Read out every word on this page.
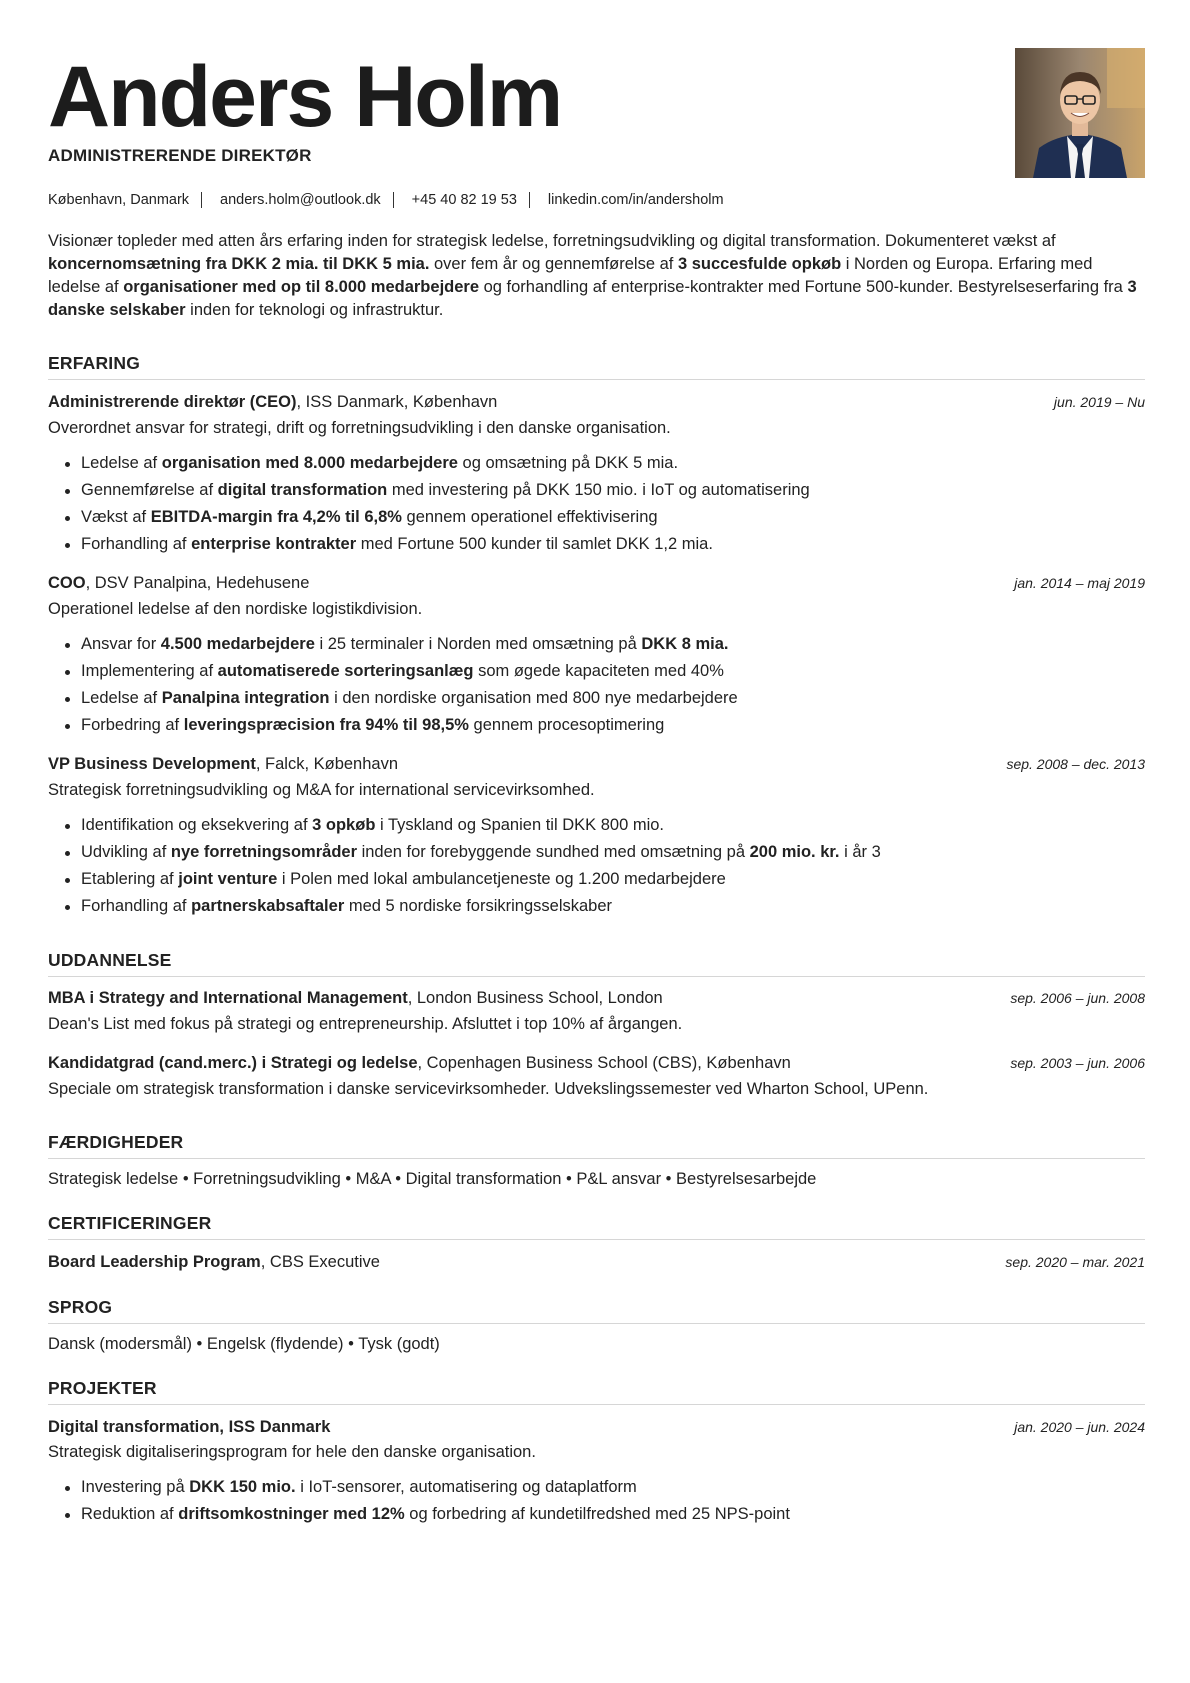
Anders Holm
ADMINISTRERENDE DIREKTØR
København, Danmark anders.holm@outlook.dk +45 40 82 19 53 linkedin.com/in/andersholm
Visionær topleder med atten års erfaring inden for strategisk ledelse, forretningsudvikling og digital transformation. Dokumenteret vækst af koncernomsætning fra DKK 2 mia. til DKK 5 mia. over fem år og gennemførelse af 3 succesfulde opkøb i Norden og Europa. Erfaring med ledelse af organisationer med op til 8.000 medarbejdere og forhandling af enterprise-kontrakter med Fortune 500-kunder. Bestyrelseserfaring fra 3 danske selskaber inden for teknologi og infrastruktur.
ERFARING
Administrerende direktør (CEO), ISS Danmark, København	jun. 2019 – Nu
Overordnet ansvar for strategi, drift og forretningsudvikling i den danske organisation.
Ledelse af organisation med 8.000 medarbejdere og omsætning på DKK 5 mia.
Gennemførelse af digital transformation med investering på DKK 150 mio. i IoT og automatisering
Vækst af EBITDA-margin fra 4,2% til 6,8% gennem operationel effektivisering
Forhandling af enterprise kontrakter med Fortune 500 kunder til samlet DKK 1,2 mia.
COO, DSV Panalpina, Hedehusene	jan. 2014 – maj 2019
Operationel ledelse af den nordiske logistikdivision.
Ansvar for 4.500 medarbejdere i 25 terminaler i Norden med omsætning på DKK 8 mia.
Implementering af automatiserede sorteringsanlæg som øgede kapaciteten med 40%
Ledelse af Panalpina integration i den nordiske organisation med 800 nye medarbejdere
Forbedring af leveringspræcision fra 94% til 98,5% gennem procesoptimering
VP Business Development, Falck, København	sep. 2008 – dec. 2013
Strategisk forretningsudvikling og M&A for international servicevirksomhed.
Identifikation og eksekvering af 3 opkøb i Tyskland og Spanien til DKK 800 mio.
Udvikling af nye forretningsområder inden for forebyggende sundhed med omsætning på 200 mio. kr. i år 3
Etablering af joint venture i Polen med lokal ambulancetjeneste og 1.200 medarbejdere
Forhandling af partnerskabsaftaler med 5 nordiske forsikringsselskaber
UDDANNELSE
MBA i Strategy and International Management, London Business School, London	sep. 2006 – jun. 2008
Dean's List med fokus på strategi og entrepreneurship. Afsluttet i top 10% af årgangen.
Kandidatgrad (cand.merc.) i Strategi og ledelse, Copenhagen Business School (CBS), København	sep. 2003 – jun. 2006
Speciale om strategisk transformation i danske servicevirksomheder. Udvekslingssemester ved Wharton School, UPenn.
FÆRDIGHEDER
Strategisk ledelse • Forretningsudvikling • M&A • Digital transformation • P&L ansvar • Bestyrelsesarbejde
CERTIFICERINGER
Board Leadership Program, CBS Executive	sep. 2020 – mar. 2021
SPROG
Dansk (modersmål) • Engelsk (flydende) • Tysk (godt)
PROJEKTER
Digital transformation, ISS Danmark	jan. 2020 – jun. 2024
Strategisk digitaliseringsprogram for hele den danske organisation.
Investering på DKK 150 mio. i IoT-sensorer, automatisering og dataplatform
Reduktion af driftsomkostninger med 12% og forbedring af kundetilfredshed med 25 NPS-point
